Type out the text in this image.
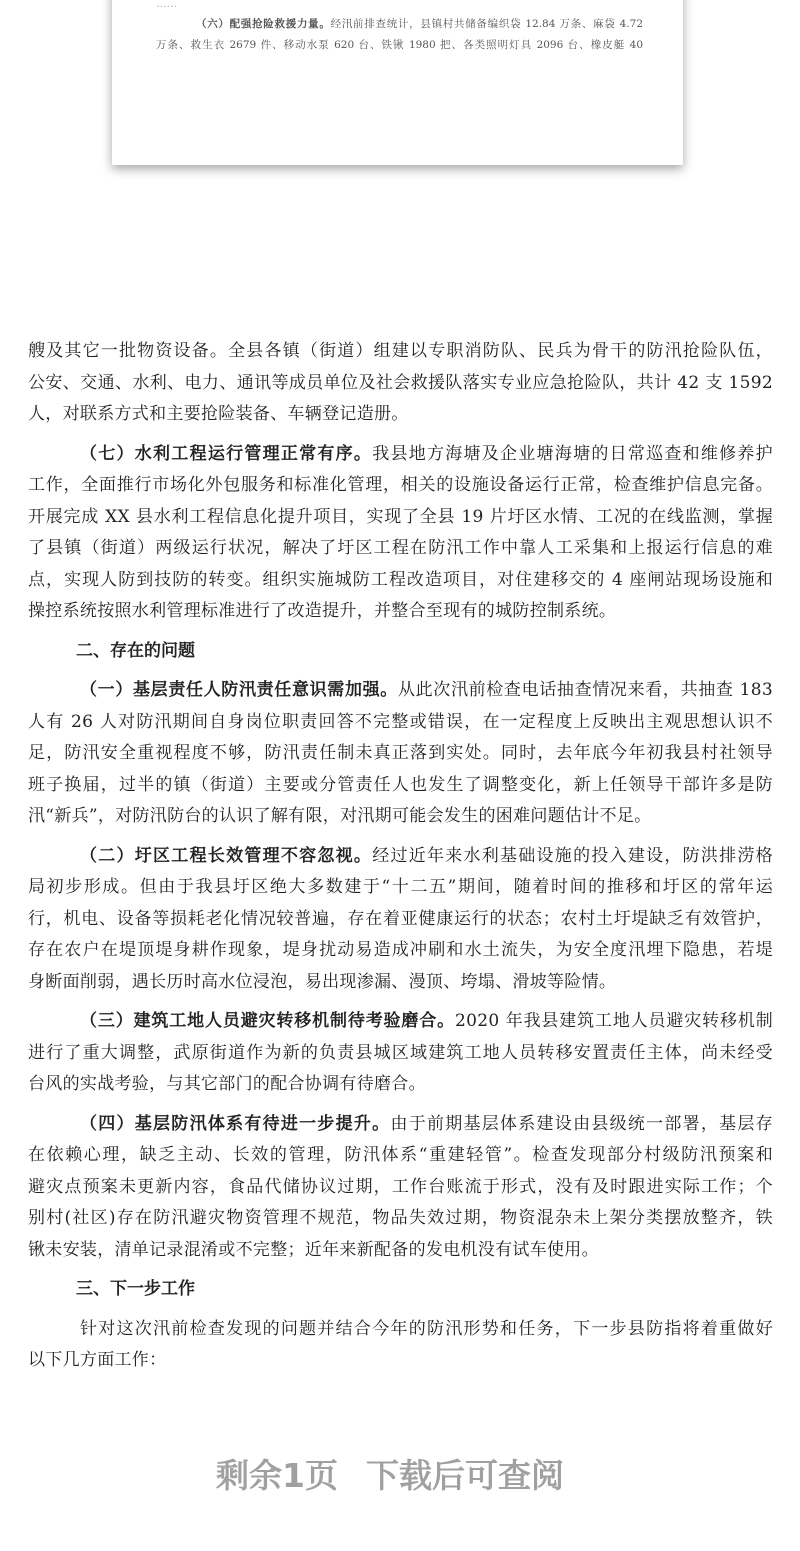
……
（六）配强抢险救援力量。经汛前排查统计，县镇村共储备编织袋 12.84 万条、麻袋 4.72
万条、救生衣 2679 件、移动水泵 620 台、铁锹 1980 把、各类照明灯具 2096 台、橡皮艇 40
艘及其它一批物资设备。全县各镇（街道）组建以专职消防队、民兵为骨干的防汛抢险队伍，
公安、交通、水利、电力、通讯等成员单位及社会救援队落实专业应急抢险队，共计 42 支 1592
人，对联系方式和主要抢险装备、车辆登记造册。
（七）水利工程运行管理正常有序。我县地方海塘及企业塘海塘的日常巡查和维修养护
工作，全面推行市场化外包服务和标准化管理，相关的设施设备运行正常，检查维护信息完备。
开展完成 XX 县水利工程信息化提升项目，实现了全县 19 片圩区水情、工况的在线监测，掌握
了县镇（街道）两级运行状况，解决了圩区工程在防汛工作中靠人工采集和上报运行信息的难
点，实现人防到技防的转变。组织实施城防工程改造项目，对住建移交的 4 座闸站现场设施和
操控系统按照水利管理标准进行了改造提升，并整合至现有的城防控制系统。
二、存在的问题
（一）基层责任人防汛责任意识需加强。从此次汛前检查电话抽查情况来看，共抽查 183
人有 26 人对防汛期间自身岗位职责回答不完整或错误，在一定程度上反映出主观思想认识不
足，防汛安全重视程度不够，防汛责任制未真正落到实处。同时，去年底今年初我县村社领导
班子换届，过半的镇（街道）主要或分管责任人也发生了调整变化，新上任领导干部许多是防
汛“新兵”，对防汛防台的认识了解有限，对汛期可能会发生的困难问题估计不足。
（二）圩区工程长效管理不容忽视。经过近年来水利基础设施的投入建设，防洪排涝格
局初步形成。但由于我县圩区绝大多数建于“十二五”期间，随着时间的推移和圩区的常年运
行，机电、设备等损耗老化情况较普遍，存在着亚健康运行的状态；农村土圩堤缺乏有效管护，
存在农户在堤顶堤身耕作现象，堤身扰动易造成冲刷和水土流失，为安全度汛埋下隐患，若堤
身断面削弱，遇长历时高水位浸泡，易出现渗漏、漫顶、垮塌、滑坡等险情。
（三）建筑工地人员避灾转移机制待考验磨合。2020 年我县建筑工地人员避灾转移机制
进行了重大调整，武原街道作为新的负责县城区域建筑工地人员转移安置责任主体，尚未经受
台风的实战考验，与其它部门的配合协调有待磨合。
（四）基层防汛体系有待进一步提升。由于前期基层体系建设由县级统一部署，基层存
在依赖心理，缺乏主动、长效的管理，防汛体系“重建轻管”。检查发现部分村级防汛预案和
避灾点预案未更新内容，食品代储协议过期，工作台账流于形式，没有及时跟进实际工作；个
别村(社区)存在防汛避灾物资管理不规范，物品失效过期，物资混杂未上架分类摆放整齐，铁
锹未安装，清单记录混淆或不完整；近年来新配备的发电机没有试车使用。
三、下一步工作
针对这次汛前检查发现的问题并结合今年的防汛形势和任务，下一步县防指将着重做好
以下几方面工作：
剩余1页 下载后可查阅
